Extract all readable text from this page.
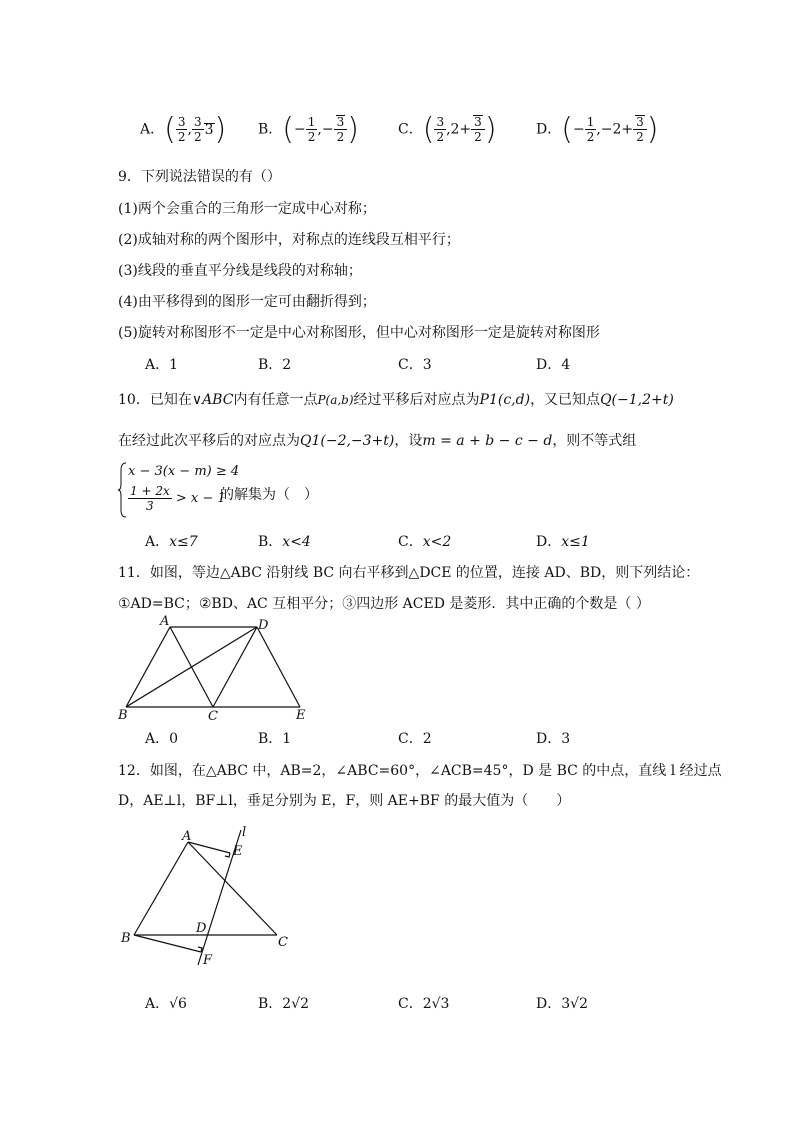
A．( $\frac{3}{2}$ , $\frac{3}{2} 3$) B．(− $\frac{1}{2}$ ,− $\frac{3}{2}$ )	C．( $\frac{3}{2} ,2+ \frac{3}{2}$ )	D．(− $\frac{1}{2} ,-2+ \frac{3}{2}$ )
9．下列说法错误的有（）
(1)两个会重合的三角形一定成中心对称；
(2)成轴对称的两个图形中，对称点的连线段互相平行；
(3)线段的垂直平分线是线段的对称轴；
(4)由平移得到的图形一定可由翻折得到；
(5)旋转对称图形不一定是中心对称图形，但中心对称图形一定是旋转对称图形
A．1	B．2	C．3	D．4
10．已知在∨ABC内有任意一点P(a,b)经过平移后对应点为P1(c,d)，又已知点Q(−1,2+t)
在经过此次平移后的对应点为Q1(−2,−3+t)，设m = a + b − c − d，则不等式组
x − 3(x − m) ≥ 4
$\frac{1 + 2x}{3} > x - 1$
的解集为（　）
A．x≤7	B．x<4	C．x<2	D．x≤1
11．如图，等边△ABC 沿射线 BC 向右平移到△DCE 的位置，连接 AD、BD，则下列结论：
①AD=BC；②BD、AC 互相平分；③四边形 ACED 是菱形．其中正确的个数是（ ）
A	D
B	C	E
A．0	B．1	C．2	D．3
12．如图，在△ABC 中，AB=2，∠ABC=60°，∠ACB=45°，D 是 BC 的中点，直线 l 经过点
D，AE⊥l，BF⊥l，垂足分别为 E，F，则 AE+BF 的最大值为（　　）
A	l
E
D
B	C
F
A．√6	B．2√2	C．2√3	D．3√2
